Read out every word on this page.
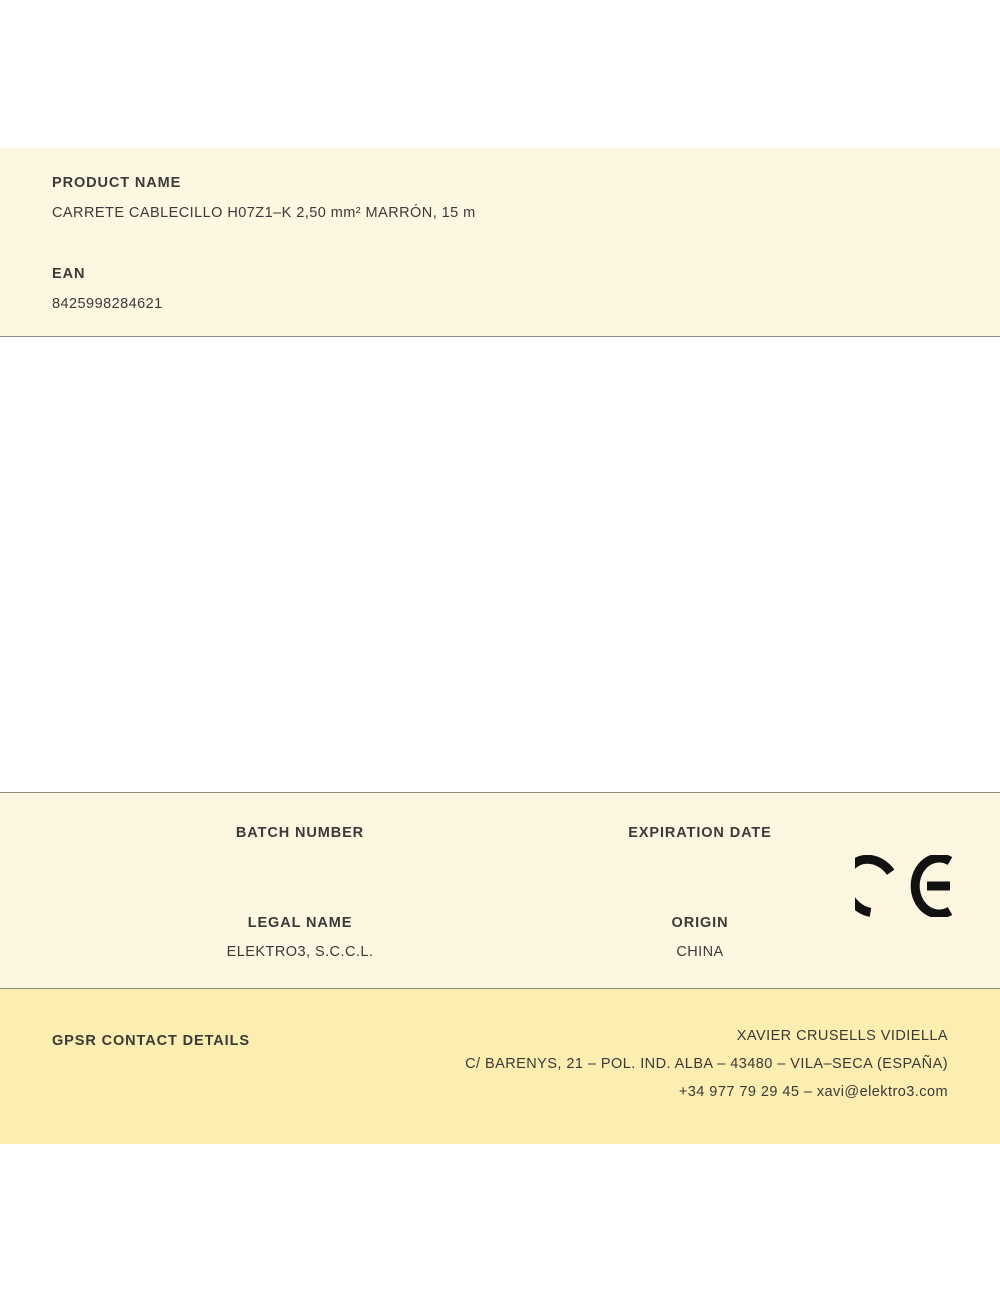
PRODUCT NAME
CARRETE CABLECILLO H07Z1–K 2,50 mm² MARRÓN, 15 m
EAN
8425998284621
BATCH NUMBER	EXPIRATION DATE
LEGAL NAME
ELEKTRO3, S.C.C.L.
ORIGIN
CHINA
GPSR CONTACT DETAILS	XAVIER CRUSELLS VIDIELLA
C/ BARENYS, 21 – POL. IND. ALBA – 43480 – VILA–SECA (ESPAÑA)
+34 977 79 29 45 – xavi@elektro3.com
